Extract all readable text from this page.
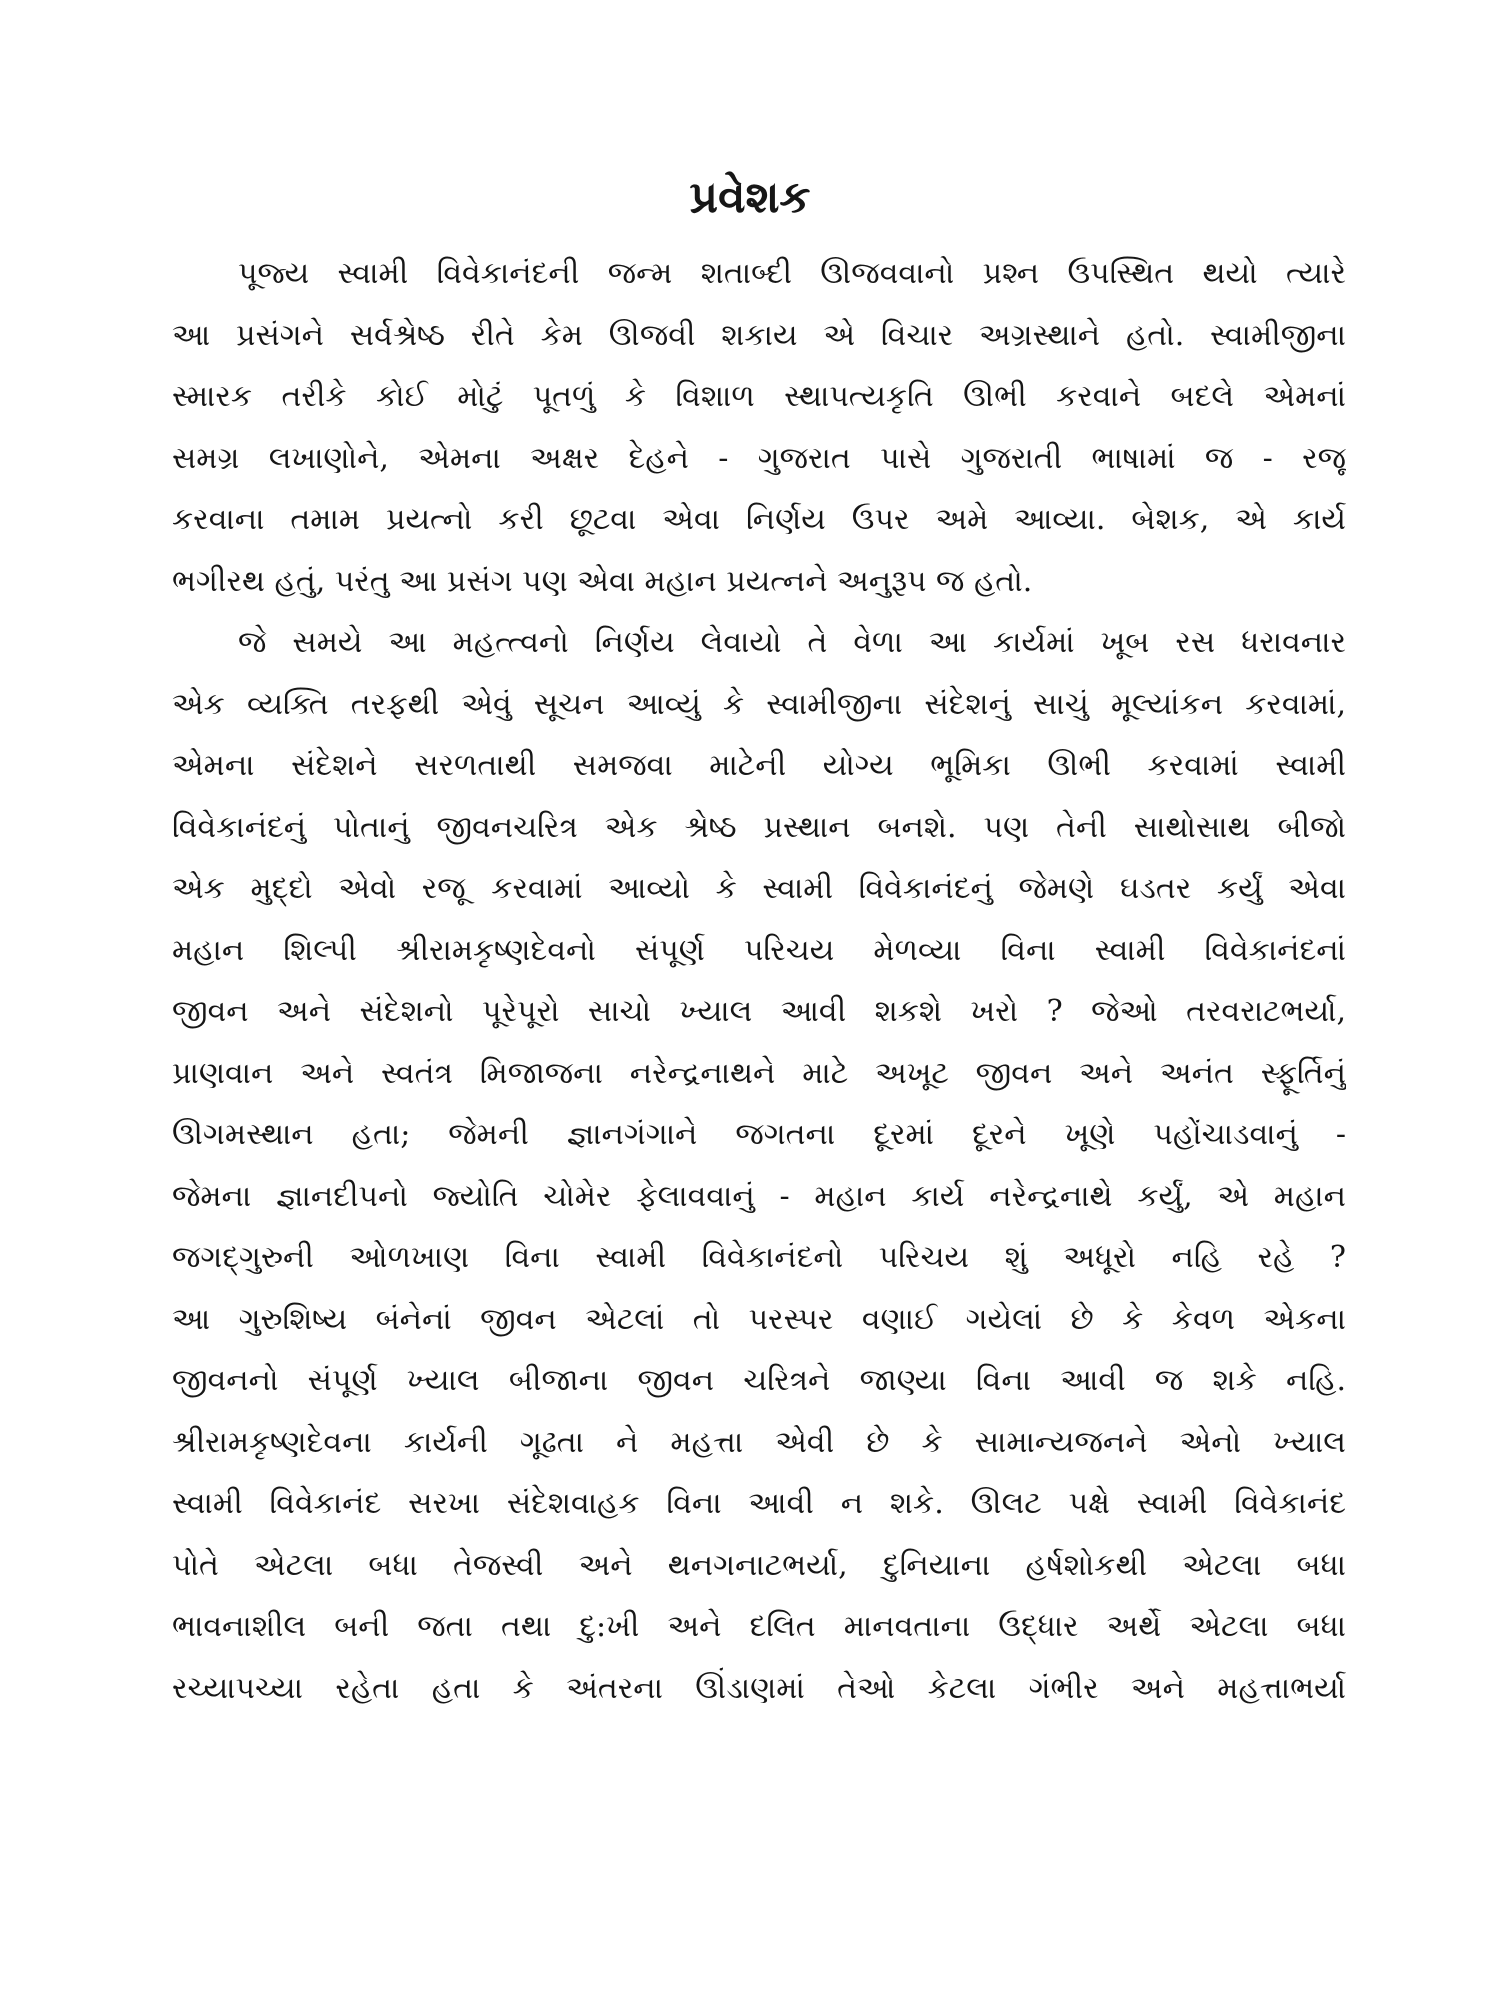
પ્રવેશક
પૂજ્ય સ્વામી વિવેકાનંદની જન્મ શતાબ્દી ઊજવવાનો પ્રશ્ન ઉપસ્થિત થયો ત્યારે
આ પ્રસંગને સર્વશ્રેષ્ઠ રીતે કેમ ઊજવી શકાય એ વિચાર અગ્રસ્થાને હતો. સ્વામીજીના
સ્મારક તરીકે કોઈ મોટું પૂતળું કે વિશાળ સ્થાપત્યકૃતિ ઊભી કરવાને બદલે એમનાં
સમગ્ર લખાણોને, એમના અક્ષર દેહને - ગુજરાત પાસે ગુજરાતી ભાષામાં જ - રજૂ
કરવાના તમામ પ્રયત્નો કરી છૂટવા એવા નિર્ણય ઉપર અમે આવ્યા. બેશક, એ કાર્ય
ભગીરથ હતું, પરંતુ આ પ્રસંગ પણ એવા મહાન પ્રયત્નને અનુરૂપ જ હતો.
જે સમયે આ મહત્ત્વનો નિર્ણય લેવાયો તે વેળા આ કાર્યમાં ખૂબ રસ ધરાવનાર
એક વ્યક્તિ તરફથી એવું સૂચન આવ્યું કે સ્વામીજીના સંદેશનું સાચું મૂલ્યાંકન કરવામાં,
એમના સંદેશને સરળતાથી સમજવા માટેની યોગ્ય ભૂમિકા ઊભી કરવામાં સ્વામી
વિવેકાનંદનું પોતાનું જીવનચરિત્ર એક શ્રેષ્ઠ પ્રસ્થાન બનશે. પણ તેની સાથોસાથ બીજો
એક મુદ્દો એવો રજૂ કરવામાં આવ્યો કે સ્વામી વિવેકાનંદનું જેમણે ઘડતર કર્યું એવા
મહાન શિલ્પી શ્રીરામકૃષ્ણદેવનો સંપૂર્ણ પરિચય મેળવ્યા વિના સ્વામી વિવેકાનંદનાં
જીવન અને સંદેશનો પૂરેપૂરો સાચો ખ્યાલ આવી શકશે ખરો ? જેઓ તરવરાટભર્યા,
પ્રાણવાન અને સ્વતંત્ર મિજાજના નરેન્દ્રનાથને માટે અખૂટ જીવન અને અનંત સ્ફૂર્તિનું
ઊગમસ્થાન હતા; જેમની જ્ઞાનગંગાને જગતના દૂરમાં દૂરને ખૂણે પહોંચાડવાનું -
જેમના જ્ઞાનદીપનો જ્યોતિ ચોમેર ફેલાવવાનું - મહાન કાર્ય નરેન્દ્રનાથે કર્યું, એ મહાન
જગદ્ગુરુની ઓળખાણ વિના સ્વામી વિવેકાનંદનો પરિચય શું અધૂરો નહિ રહે ?
આ ગુરુશિષ્ય બંનેનાં જીવન એટલાં તો પરસ્પર વણાઈ ગયેલાં છે કે કેવળ એકના
જીવનનો સંપૂર્ણ ખ્યાલ બીજાના જીવન ચરિત્રને જાણ્યા વિના આવી જ શકે નહિ.
શ્રીરામકૃષ્ણદેવના કાર્યની ગૂઢતા ને મહત્તા એવી છે કે સામાન્યજનને એનો ખ્યાલ
સ્વામી વિવેકાનંદ સરખા સંદેશવાહક વિના આવી ન શકે. ઊલટ પક્ષે સ્વામી વિવેકાનંદ
પોતે એટલા બધા તેજસ્વી અને થનગનાટભર્યા, દુનિયાના હર્ષશોકથી એટલા બધા
ભાવનાશીલ બની જતા તથા દુ:ખી અને દલિત માનવતાના ઉદ્ધાર અર્થે એટલા બધા
રચ્યાપચ્યા રહેતા હતા કે અંતરના ઊંડાણમાં તેઓ કેટલા ગંભીર અને મહત્તાભર્યા
